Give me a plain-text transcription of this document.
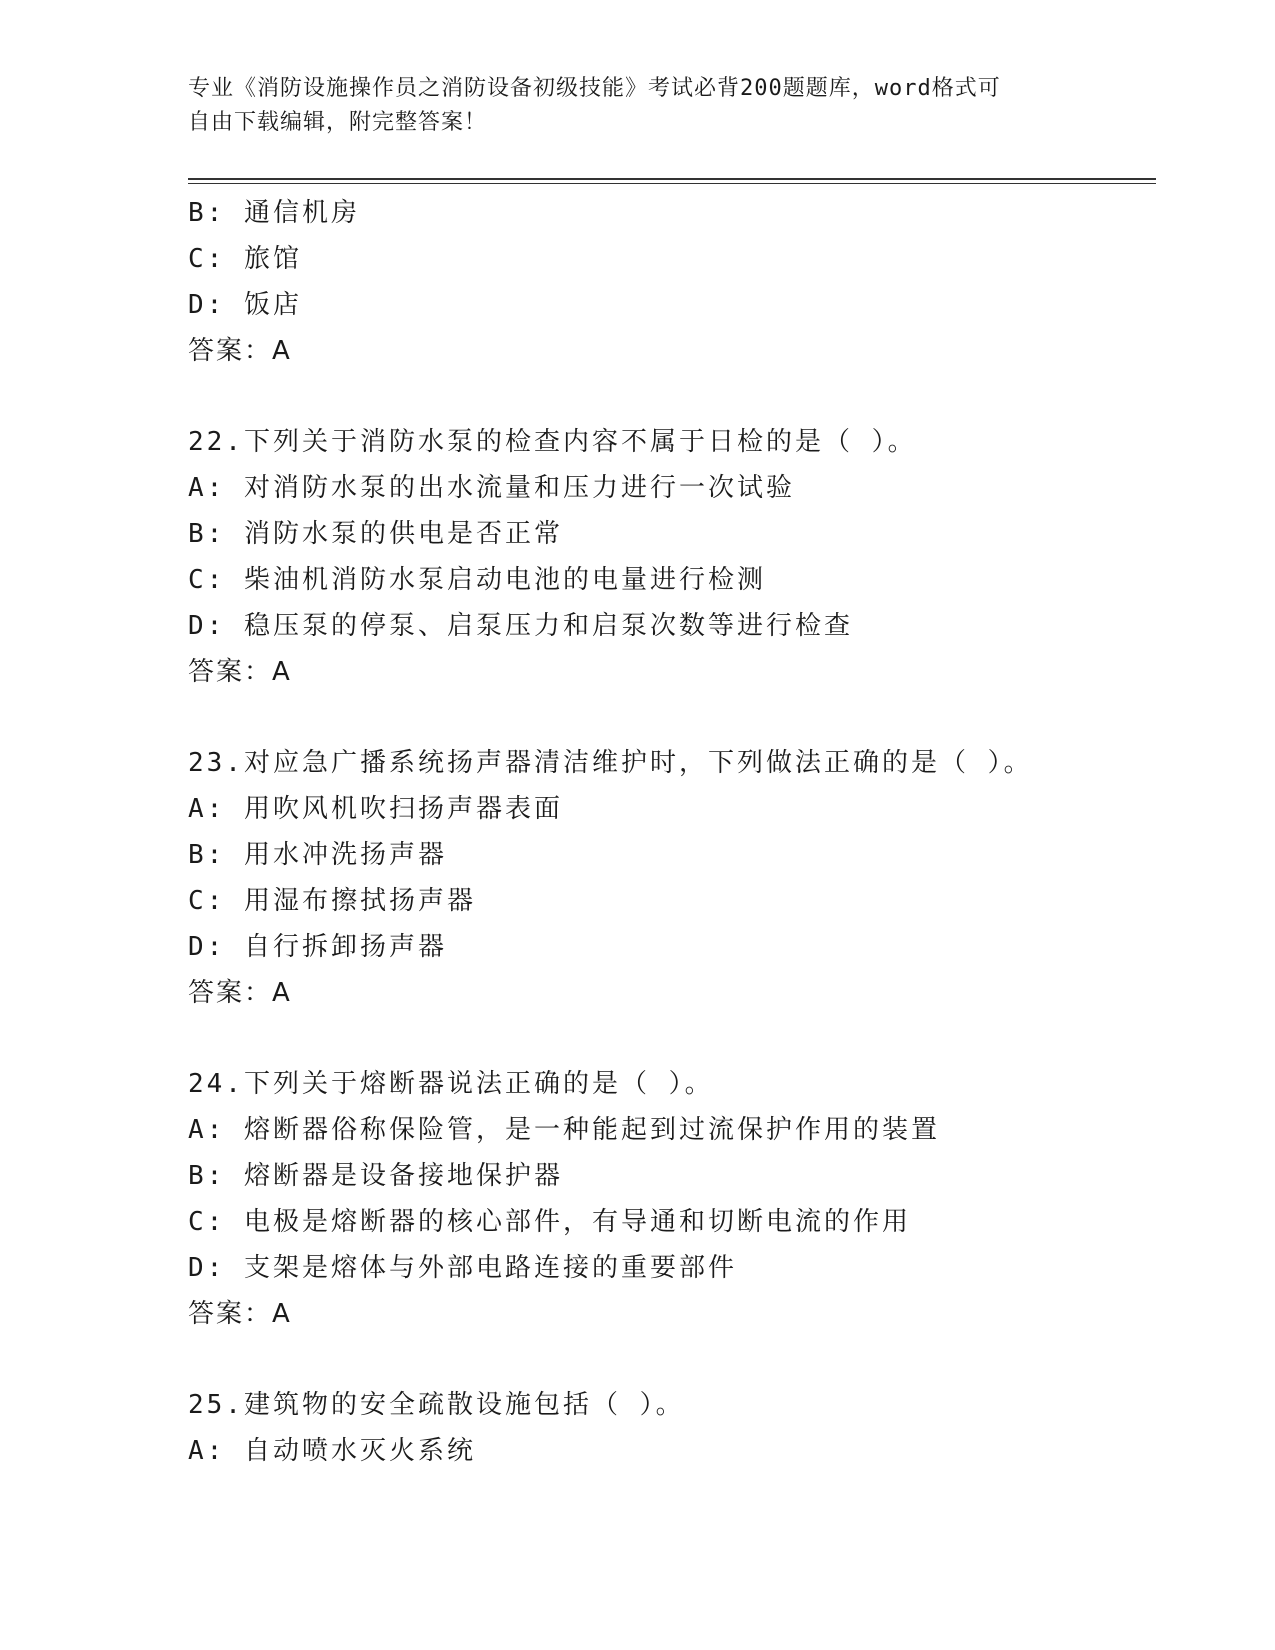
专业《消防设施操作员之消防设备初级技能》考试必背200题题库，word格式可
自由下载编辑，附完整答案！
B: 通信机房
C: 旅馆
D: 饭店
答案：A
22.下列关于消防水泵的检查内容不属于日检的是（ ）。
A: 对消防水泵的出水流量和压力进行一次试验
B: 消防水泵的供电是否正常
C: 柴油机消防水泵启动电池的电量进行检测
D: 稳压泵的停泵、启泵压力和启泵次数等进行检查
答案：A
23.对应急广播系统扬声器清洁维护时，下列做法正确的是（ ）。
A: 用吹风机吹扫扬声器表面
B: 用水冲洗扬声器
C: 用湿布擦拭扬声器
D: 自行拆卸扬声器
答案：A
24.下列关于熔断器说法正确的是（ ）。
A: 熔断器俗称保险管，是一种能起到过流保护作用的装置
B: 熔断器是设备接地保护器
C: 电极是熔断器的核心部件，有导通和切断电流的作用
D: 支架是熔体与外部电路连接的重要部件
答案：A
25.建筑物的安全疏散设施包括（ ）。
A: 自动喷水灭火系统
